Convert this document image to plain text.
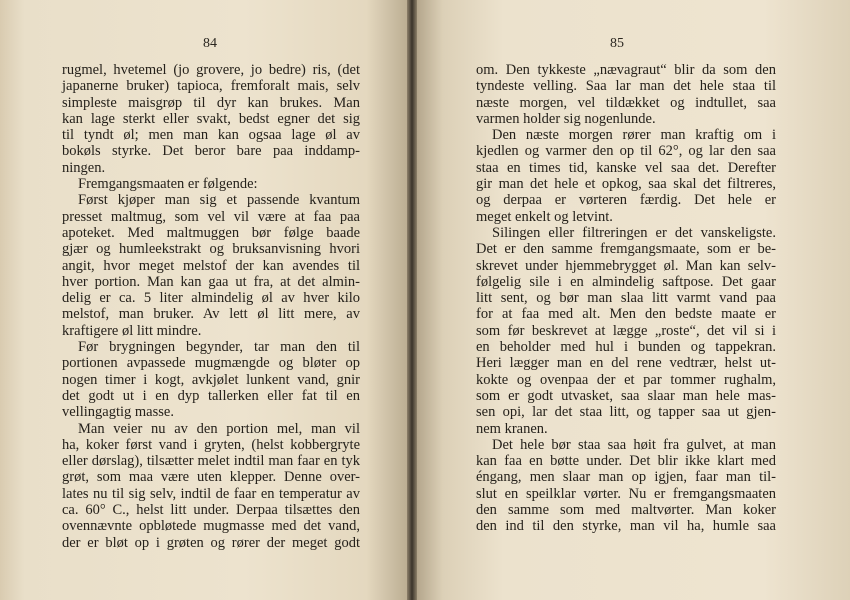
84
rugmel, hvetemel (jo grovere, jo bedre) ris, (det
japanerne bruker) tapioca, fremforalt mais, selv
simpleste maisgrøp til dyr kan brukes. Man
kan lage sterkt eller svakt, bedst egner det sig
til tyndt øl; men man kan ogsaa lage øl av
bokøls styrke. Det beror bare paa inddamp-
ningen.
Fremgangsmaaten er følgende:
Først kjøper man sig et passende kvantum
presset maltmug, som vel vil være at faa paa
apoteket. Med maltmuggen bør følge baade
gjær og humleekstrakt og bruksanvisning hvori
angit, hvor meget melstof der kan avendes til
hver portion. Man kan gaa ut fra, at det almin-
delig er ca. 5 liter almindelig øl av hver kilo
melstof, man bruker. Av lett øl litt mere, av
kraftigere øl litt mindre.
Før brygningen begynder, tar man den til
portionen avpassede mugmængde og bløter op
nogen timer i kogt, avkjølet lunkent vand, gnir
det godt ut i en dyp tallerken eller fat til en
vellingagtig masse.
Man veier nu av den portion mel, man vil
ha, koker først vand i gryten, (helst kobbergryte
eller dørslag), tilsætter melet indtil man faar en tyk
grøt, som maa være uten klepper. Denne over-
lates nu til sig selv, indtil de faar en temperatur av
ca. 60° C., helst litt under. Derpaa tilsættes den
ovennævnte opbløtede mugmasse med det vand,
der er bløt op i grøten og rører der meget godt
85
om. Den tykkeste „nævagraut“ blir da som den
tyndeste velling. Saa lar man det hele staa til
næste morgen, vel tildækket og indtullet, saa
varmen holder sig nogenlunde.
Den næste morgen rører man kraftig om i
kjedlen og varmer den op til 62°, og lar den saa
staa en times tid, kanske vel saa det. Derefter
gir man det hele et opkog, saa skal det filtreres,
og derpaa er vørteren færdig. Det hele er
meget enkelt og letvint.
Silingen eller filtreringen er det vanskeligste.
Det er den samme fremgangsmaate, som er be-
skrevet under hjemmebrygget øl. Man kan selv-
følgelig sile i en almindelig saftpose. Det gaar
litt sent, og bør man slaa litt varmt vand paa
for at faa med alt. Men den bedste maate er
som før beskrevet at lægge „roste“, det vil si i
en beholder med hul i bunden og tappekran.
Heri lægger man en del rene vedtrær, helst ut-
kokte og ovenpaa der et par tommer rughalm,
som er godt utvasket, saa slaar man hele mas-
sen opi, lar det staa litt, og tapper saa ut gjen-
nem kranen.
Det hele bør staa saa høit fra gulvet, at man
kan faa en bøtte under. Det blir ikke klart med
éngang, men slaar man op igjen, faar man til-
slut en speilklar vørter. Nu er fremgangsmaaten
den samme som med maltvørter. Man koker
den ind til den styrke, man vil ha, humle saa
